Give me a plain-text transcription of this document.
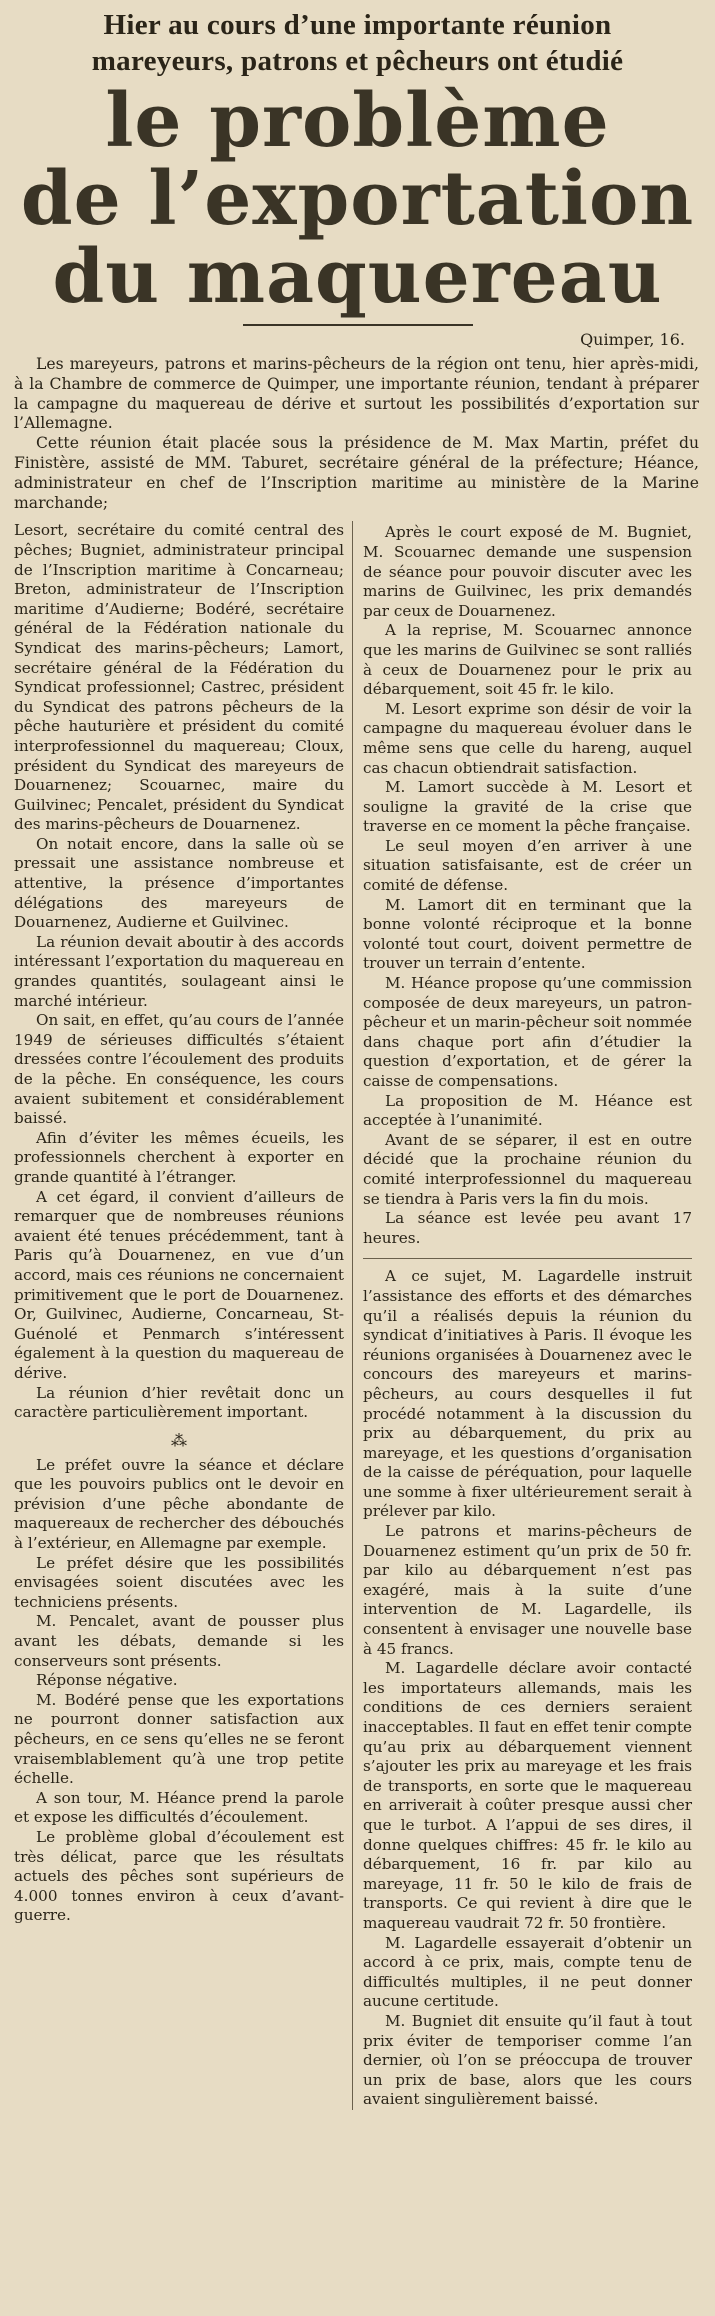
Hier au cours d’une importante réunion
mareyeurs, patrons et pêcheurs ont étudié
le problème
de l’exportation
du maquereau
Quimper, 16.

Les mareyeurs, patrons et marins-pêcheurs de la région ont tenu, hier après-midi, à la Chambre de commerce de Quimper, une importante réunion, tendant à préparer la campagne du maquereau de dérive et surtout les possibilités d’exportation sur l’Allemagne.

Cette réunion était placée sous la présidence de M. Max Martin, préfet du Finistère, assisté de MM. Taburet, secrétaire général de la préfecture; Héance, administrateur en chef de l’Inscription maritime au ministère de la Marine marchande;

Lesort, secrétaire du comité central des pêches; Bugniet, administrateur principal de l’Inscription maritime à Concarneau; Breton, administrateur de l’Inscription maritime d’Audierne; Bodéré, secrétaire général de la Fédération nationale du Syndicat des marins-pêcheurs; Lamort, secrétaire général de la Fédération du Syndicat professionnel; Castrec, président du Syndicat des patrons pêcheurs de la pêche hauturière et président du comité interprofessionnel du maquereau; Cloux, président du Syndicat des mareyeurs de Douarnenez; Scouarnec, maire du Guilvinec; Pencalet, président du Syndicat des marins-pêcheurs de Douarnenez.

On notait encore, dans la salle où se pressait une assistance nombreuse et attentive, la présence d’importantes délégations des mareyeurs de Douarnenez, Audierne et Guilvinec.

La réunion devait aboutir à des accords intéressant l’exportation du maquereau en grandes quantités, soulageant ainsi le marché intérieur.

On sait, en effet, qu’au cours de l’année 1949 de sérieuses difficultés s’étaient dressées contre l’écoulement des produits de la pêche. En conséquence, les cours avaient subitement et considérablement baissé.

Afin d’éviter les mêmes écueils, les professionnels cherchent à exporter en grande quantité à l’étranger.

A cet égard, il convient d’ailleurs de remarquer que de nombreuses réunions avaient été tenues précédemment, tant à Paris qu’à Douarnenez, en vue d’un accord, mais ces réunions ne concernaient primitivement que le port de Douarnenez. Or, Guilvinec, Audierne, Concarneau, St-Guénolé et Penmarch s’intéressent également à la question du maquereau de dérive.

La réunion d’hier revêtait donc un caractère particulièrement important.

⁂

Le préfet ouvre la séance et déclare que les pouvoirs publics ont le devoir en prévision d’une pêche abondante de maquereaux de rechercher des débouchés à l’extérieur, en Allemagne par exemple.

Le préfet désire que les possibilités envisagées soient discutées avec les techniciens présents.

M. Pencalet, avant de pousser plus avant les débats, demande si les conserveurs sont présents.

Réponse négative.

M. Bodéré pense que les exportations ne pourront donner satisfaction aux pêcheurs, en ce sens qu’elles ne se feront vraisemblablement qu’à une trop petite échelle.

A son tour, M. Héance prend la parole et expose les difficultés d’écoulement.

Le problème global d’écoulement est très délicat, parce que les résultats actuels des pêches sont supérieurs de 4.000 tonnes environ à ceux d’avant-guerre.

Après le court exposé de M. Bugniet, M. Scouarnec demande une suspension de séance pour pouvoir discuter avec les marins de Guilvinec, les prix demandés par ceux de Douarnenez.

A la reprise, M. Scouarnec annonce que les marins de Guilvinec se sont ralliés à ceux de Douarnenez pour le prix au débarquement, soit 45 fr. le kilo.

M. Lesort exprime son désir de voir la campagne du maquereau évoluer dans le même sens que celle du hareng, auquel cas chacun obtiendrait satisfaction.

M. Lamort succède à M. Lesort et souligne la gravité de la crise que traverse en ce moment la pêche française.

Le seul moyen d’en arriver à une situation satisfaisante, est de créer un comité de défense.

M. Lamort dit en terminant que la bonne volonté réciproque et la bonne volonté tout court, doivent permettre de trouver un terrain d’entente.

M. Héance propose qu’une commission composée de deux mareyeurs, un patron-pêcheur et un marin-pêcheur soit nommée dans chaque port afin d’étudier la question d’exportation, et de gérer la caisse de compensations.

La proposition de M. Héance est acceptée à l’unanimité.

Avant de se séparer, il est en outre décidé que la prochaine réunion du comité interprofessionnel du maquereau se tiendra à Paris vers la fin du mois.

La séance est levée peu avant 17 heures.

A ce sujet, M. Lagardelle instruit l’assistance des efforts et des démarches qu’il a réalisés depuis la réunion du syndicat d’initiatives à Paris. Il évoque les réunions organisées à Douarnenez avec le concours des mareyeurs et marins-pêcheurs, au cours desquelles il fut procédé notamment à la discussion du prix au débarquement, du prix au mareyage, et les questions d’organisation de la caisse de péréquation, pour laquelle une somme à fixer ultérieurement serait à prélever par kilo.

Le patrons et marins-pêcheurs de Douarnenez estiment qu’un prix de 50 fr. par kilo au débarquement n’est pas exagéré, mais à la suite d’une intervention de M. Lagardelle, ils consentent à envisager une nouvelle base à 45 francs.

M. Lagardelle déclare avoir contacté les importateurs allemands, mais les conditions de ces derniers seraient inacceptables. Il faut en effet tenir compte qu’au prix au débarquement viennent s’ajouter les prix au mareyage et les frais de transports, en sorte que le maquereau en arriverait à coûter presque aussi cher que le turbot. A l’appui de ses dires, il donne quelques chiffres: 45 fr. le kilo au débarquement, 16 fr. par kilo au mareyage, 11 fr. 50 le kilo de frais de transports. Ce qui revient à dire que le maquereau vaudrait 72 fr. 50 frontière.

M. Lagardelle essayerait d’obtenir un accord à ce prix, mais, compte tenu de difficultés multiples, il ne peut donner aucune certitude.

M. Bugniet dit ensuite qu’il faut à tout prix éviter de temporiser comme l’an dernier, où l’on se préoccupa de trouver un prix de base, alors que les cours avaient singulièrement baissé.
